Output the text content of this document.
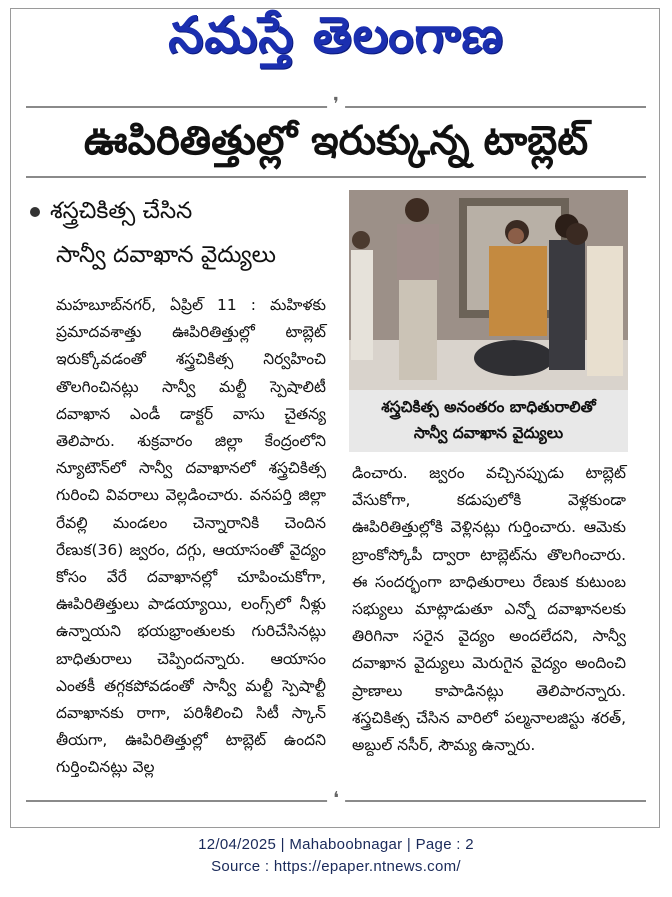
నమస్తే తెలంగాణ
❜
ఊపిరితిత్తుల్లో ఇరుక్కున్న టాబ్లెట్
శస్త్రచికిత్స చేసిన
సాన్వీ దవాఖాన వైద్యులు
మహబూబ్‌నగర్, ఏప్రిల్ 11 : మహిళకు ప్రమాదవశాత్తు ఊపిరితిత్తుల్లో టాబ్లెట్ ఇరుక్కోవడంతో శస్త్రచికిత్స నిర్వహించి తొలగించినట్లు సాన్వీ మల్టీ స్పెషాలిటీ దవాఖాన ఎండీ డాక్టర్ వాసు చైతన్య తెలిపారు. శుక్రవారం జిల్లా కేంద్రంలోని న్యూటౌన్‌లో సాన్వీ దవాఖానలో శస్త్రచికిత్స గురించి వివరాలు వెల్లడించారు. వనపర్తి జిల్లా రేవల్లి మండలం చెన్నారానికి చెందిన రేణుక(36) జ్వరం, దగ్గు, ఆయాసంతో వైద్యం కోసం వేరే దవాఖానల్లో చూపించుకోగా, ఊపిరితిత్తులు పాడయ్యాయి, లంగ్స్‌లో నీళ్లు ఉన్నాయని భయభ్రాంతులకు గురిచేసినట్లు బాధితురాలు చెప్పిందన్నారు. ఆయాసం ఎంతకీ తగ్గకపోవడంతో సాన్వీ మల్టీ స్పెషాల్టీ దవాఖానకు రాగా, పరిశీలించి సిటీ స్కాన్ తీయగా, ఊపిరితిత్తుల్లో టాబ్లెట్ ఉందని గుర్తించినట్లు వెల్ల
శస్త్రచికిత్స అనంతరం బాధితురాలితో
సాన్వీ దవాఖాన వైద్యులు
డించారు. జ్వరం వచ్చినప్పుడు టాబ్లెట్ వేసుకోగా, కడుపులోకి వెళ్లకుండా ఊపిరితిత్తుల్లోకి వెళ్లినట్లు గుర్తించారు. ఆమెకు బ్రాంకోస్కోపీ ద్వారా టాబ్లెట్‌ను తొలగించారు. ఈ సందర్భంగా బాధితురాలు రేణుక కుటుంబ సభ్యులు మాట్లాడుతూ ఎన్నో దవాఖానలకు తిరిగినా సరైన వైద్యం అందలేదని, సాన్వీ దవాఖాన వైద్యులు మెరుగైన వైద్యం అందించి ప్రాణాలు కాపాడినట్లు తెలిపారన్నారు. శస్త్రచికిత్స చేసిన వారిలో పల్మనాలజిస్టు శరత్, అబ్దుల్ నసీర్, సౌమ్య ఉన్నారు.
❛
12/04/2025 | Mahaboobnagar | Page : 2
Source : https://epaper.ntnews.com/
